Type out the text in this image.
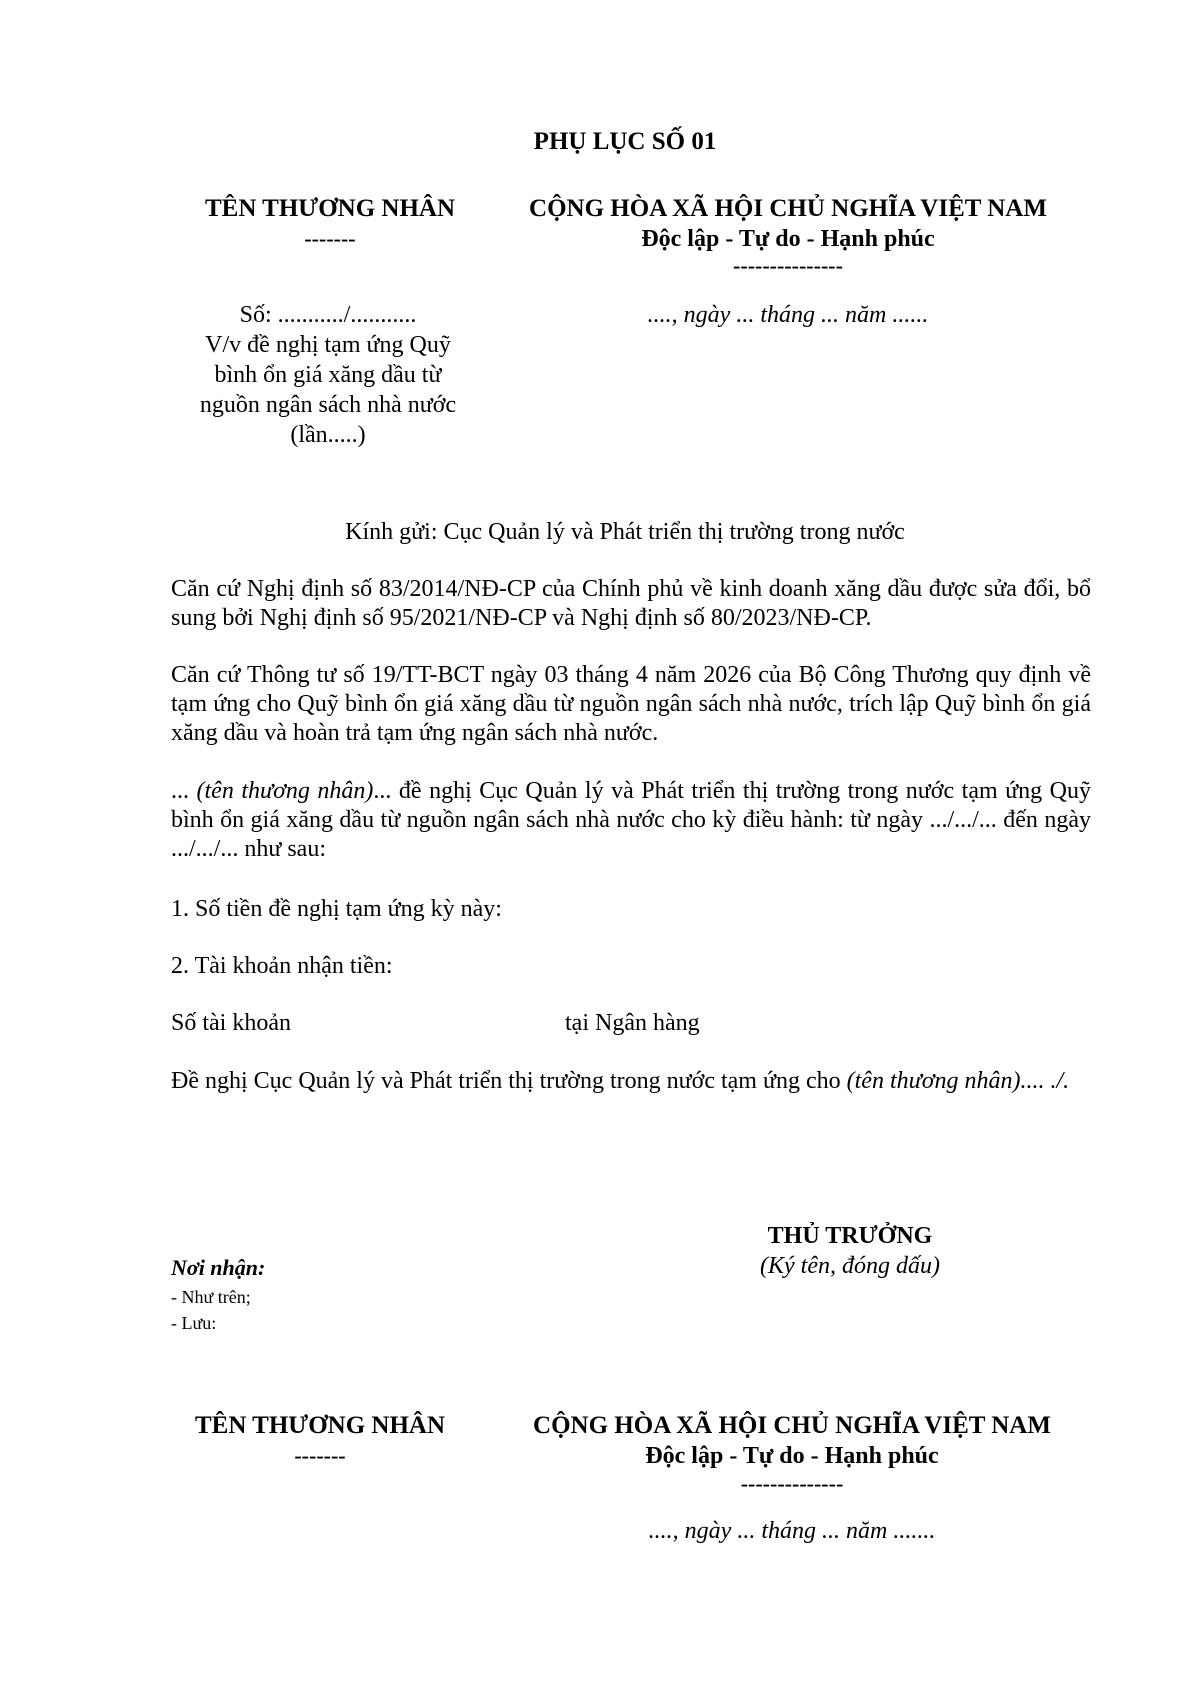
PHỤ LỤC SỐ 01
TÊN THƯƠNG NHÂN
-------
CỘNG HÒA XÃ HỘI CHỦ NGHĨA VIỆT NAM
Độc lập - Tự do - Hạnh phúc
---------------
Số: .........../...........
V/v đề nghị tạm ứng Quỹ
bình ổn giá xăng dầu từ
nguồn ngân sách nhà nước
(lần.....)
...., ngày ... tháng ... năm ......
Kính gửi: Cục Quản lý và Phát triển thị trường trong nước

Căn cứ Nghị định số 83/2014/NĐ-CP của Chính phủ về kinh doanh xăng dầu được sửa đổi, bổ sung bởi Nghị định số 95/2021/NĐ-CP và Nghị định số 80/2023/NĐ-CP.

Căn cứ Thông tư số 19/TT-BCT ngày 03 tháng 4 năm 2026 của Bộ Công Thương quy định về tạm ứng cho Quỹ bình ổn giá xăng dầu từ nguồn ngân sách nhà nước, trích lập Quỹ bình ổn giá xăng dầu và hoàn trả tạm ứng ngân sách nhà nước.

... (tên thương nhân)... đề nghị Cục Quản lý và Phát triển thị trường trong nước tạm ứng Quỹ bình ổn giá xăng dầu từ nguồn ngân sách nhà nước cho kỳ điều hành: từ ngày .../.../... đến ngày .../.../... như sau:

1. Số tiền đề nghị tạm ứng kỳ này:
2. Tài khoản nhận tiền:
Số tài khoản	tại Ngân hàng

Đề nghị Cục Quản lý và Phát triển thị trường trong nước tạm ứng cho (tên thương nhân).... ./.

THỦ TRƯỞNG
(Ký tên, đóng dấu)
Nơi nhận:
- Như trên;
- Lưu:
TÊN THƯƠNG NHÂN
-------
CỘNG HÒA XÃ HỘI CHỦ NGHĨA VIỆT NAM
Độc lập - Tự do - Hạnh phúc
--------------
...., ngày ... tháng ... năm .......
